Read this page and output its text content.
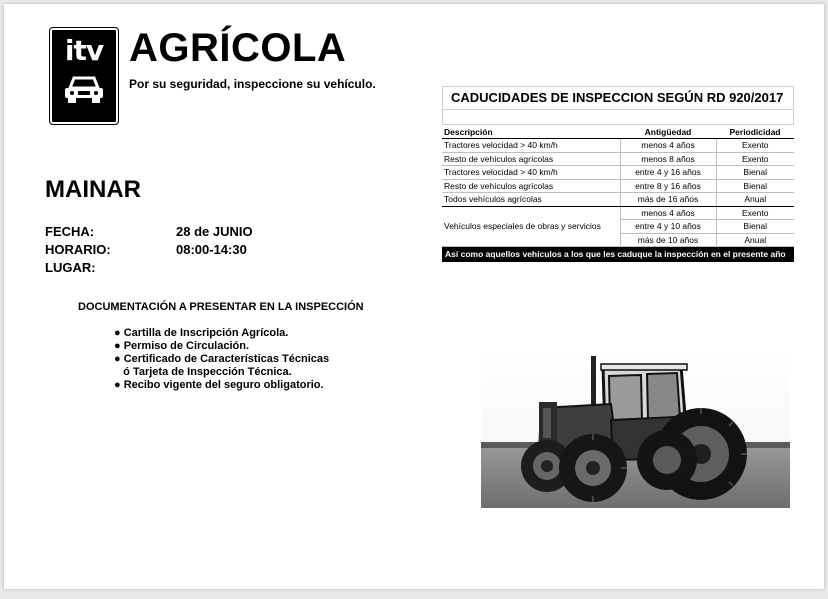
itv AGRÍCOLA
Por su seguridad, inspeccione su vehículo.
MAINAR
FECHA:	28 de JUNIO
HORARIO:	08:00-14:30
LUGAR:
DOCUMENTACIÓN A PRESENTAR EN LA INSPECCIÓN
● Cartilla de Inscripción Agrícola.
● Permiso de Circulación.
● Certificado de Características Técnicas
ó Tarjeta de Inspección Técnica.
● Recibo vigente del seguro obligatorio.
CADUCIDADES DE INSPECCION SEGÚN RD 920/2017
Descripción	Antigüedad	Periodicidad
Tractores velocidad > 40 km/h	menos 4 años	Exento
Resto de vehículos agrícolas	menos 8 años	Exento
Tractores velocidad > 40 km/h	entre 4 y 16 años	Bienal
Resto de vehículos agrícolas	entre 8 y 16 años	Bienal
Todos vehículos agrícolas	más de 16 años	Anual
Vehículos especiales de obras y servicios	menos 4 años	Exento
	entre 4 y 10 años	Bienal
	más de 10 años	Anual
Así como aquellos vehículos a los que les caduque la inspección en el presente año
